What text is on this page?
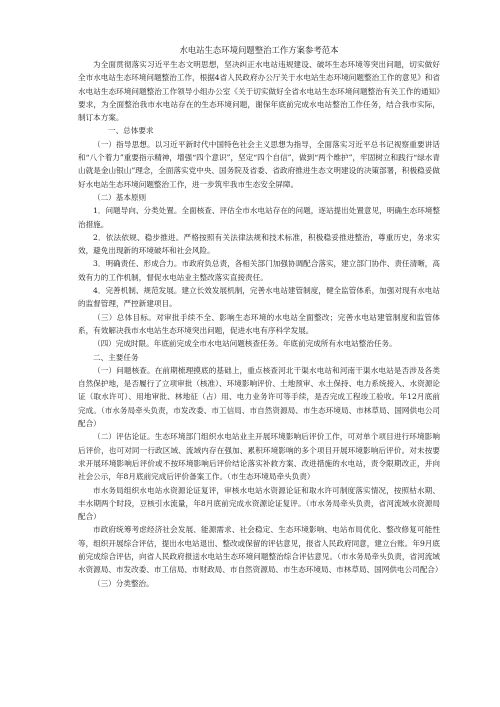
水电站生态环境问题整治工作方案参考范本

为全面贯彻落实习近平生态文明思想，坚决纠正水电站违规建设、破坏生态环境等突出问题，切实做好全市水电站生态环境问题整治工作，根据4省人民政府办公厅关于水电站生态环境问题整治工作的意见》和省水电站生态环境问题整治工作领导小组办公室《关于切实做好全省水电站生态环境问题整治有关工作的通知》要求，为全面整治我市水电站存在的生态环境问题，谢保年底前完成水电站整治工作任务，结合我市实际，制订本方案。

一、总体要求

（一）指导思想。以习近平新时代中国特色社会主义思想为指导，全面落实习近平总书记视察重要讲话和“八个着力”重要指示精神，增强“四个意识”，坚定“四个自信”，做到“两个维护”，牢固树立和践行“绿水青山就是金山银山”理念，全面落实党中央、国务院及省委、省政府推进生态文明建设的决策部署，积极稳妥做好水电站生态环境问题整治工作，进一步筑牢我市生态安全屏障。

（二）基本原则

1．问题导向、分类处置。全面核查、评估全市水电站存在的问题，逐站提出处置意见，明确生态环境整治措施。

2．依法依规、稳步推进。严格按照有关法律法规和技术标准，积极稳妥推进整治，尊重历史，务求实效，避免出现新的环境破坏和社会风险。

3．明确责任、形成合力。市政府负总责，各相关部门加强协调配合落实，建立部门协作、责任清晰，高效有力的工作机制，督促水电站业主整改落实直接责任。

4．完善机制、规范发展。建立长效发展机制，完善水电站建管制度，健全监管体系，加强对现有水电站的监督管理，严控新建项目。

（三）总体目标。对审批手续不全、影响生态环境的水电站全面整改；完善水电站建管制度和监管体系，有效解决我市水电站生态环境突出问题，促进水电有序科学发展。

（四）完成时限。年底前完成全市水电站问题核查任务。年底前完成所有水电站整治任务。

二、主要任务

（一）问题核查。在前期梳理摸底的基础上，重点核查河北干渠水电站和河南干渠水电站是否涉及各类自然保护地，是否履行了立项审批（核准）、环境影响评价、土地预审、水土保持、电力系统接入、水资源论证（取水许可）、用地审批、林地征（占）用、电力业务许可等手续，是否完成工程竣工验收。年12月底前完成。（市水务局牵头负责，市发改委、市工信局、市自然资源局、市生态环境局、市林草局、国网供电公司配合）

（二）评估论证。生态环境部门组织水电站业主开展环境影响后评价工作，可对单个项目进行环境影响后评价，也可对同一行政区域、流域内存在强加、累积环境影响的多个项目开展环境影响后评价。对未按要求开展环境影响后评价或不按环境影响后评价结论落实补救方案、改进措施的水电站，责令限期改正，并向社会公示，年8月底前完成后评价备案工作。（市生态环境局牵头负责）

市水务局组织水电站水资源论证复评，审核水电站水资源论证和取水许可制度落实情况，按照枯水期、丰水期两个时段，豆核引水流量，年8月底前完成水资源论证复评。（市水务局牵头负责，省河流域水资源局配合）

市政府统筹考虑经济社会发展、能源需求、社会稳定、生态环境影响、电站布局优化、整改修复可能性等，组织开展综合评估，提出水电站退出、整改或保留的评估意见，报省人民政府同意，建立台账。年9月底前完成综合评估，向省人民政府报送水电站生态环境问题整治综合评估意见。（市水务局牵头负责，省河流域水资源局、市发改委、市工信局、市财政局、市自然资源局、市生态环境局、市林草局、国网供电公司配合）

（三）分类整治。
